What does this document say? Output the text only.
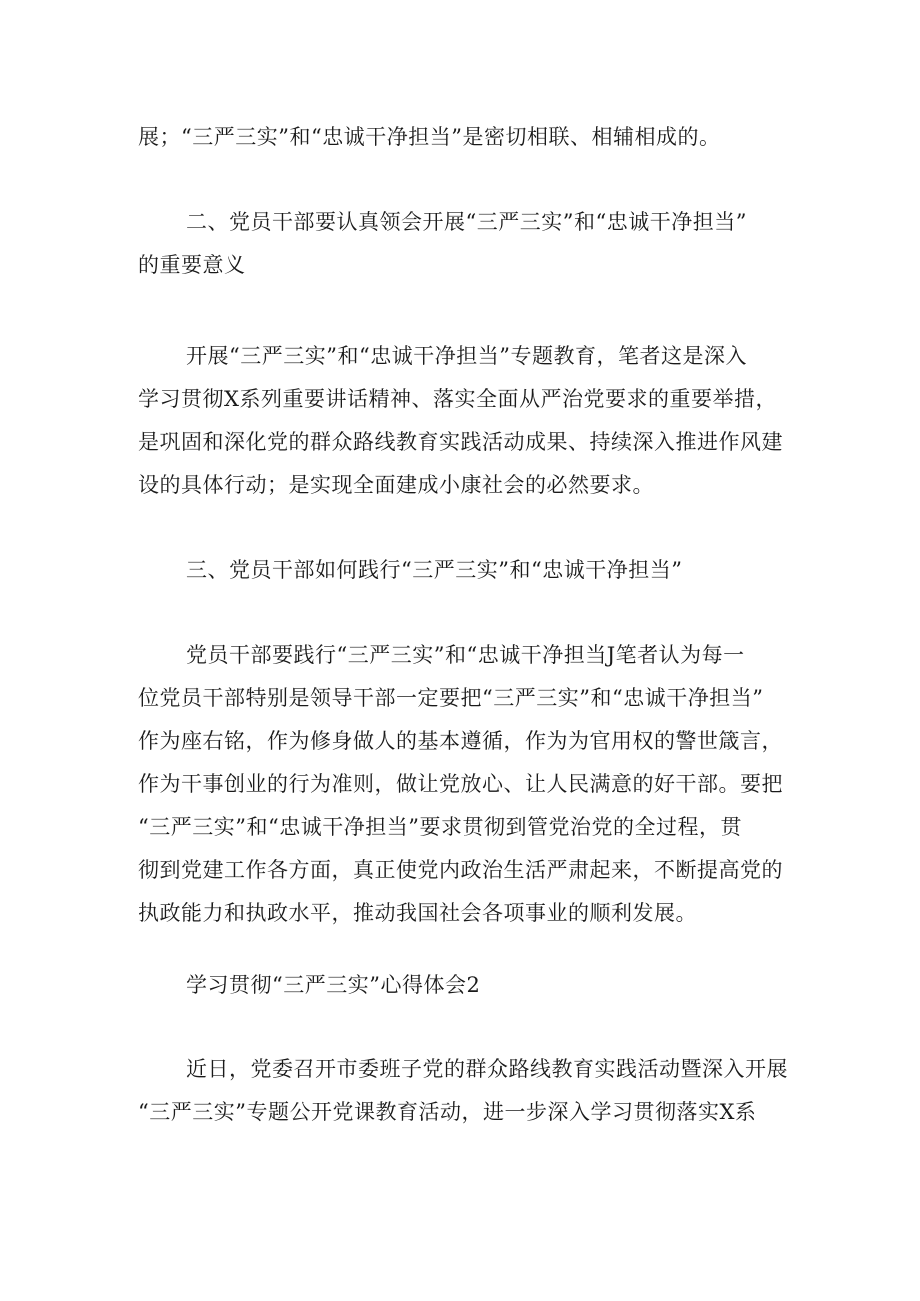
展；“三严三实”和“忠诚干净担当”是密切相联、相辅相成的。
二、党员干部要认真领会开展“三严三实”和“忠诚干净担当”
的重要意义
开展“三严三实”和“忠诚干净担当”专题教育，笔者这是深入
学习贯彻X系列重要讲话精神、落实全面从严治党要求的重要举措，
是巩固和深化党的群众路线教育实践活动成果、持续深入推进作风建
设的具体行动；是实现全面建成小康社会的必然要求。
三、党员干部如何践行“三严三实”和“忠诚干净担当”
党员干部要践行“三严三实”和“忠诚干净担当J笔者认为每一
位党员干部特别是领导干部一定要把“三严三实”和“忠诚干净担当”
作为座右铭，作为修身做人的基本遵循，作为为官用权的警世箴言，
作为干事创业的行为准则，做让党放心、让人民满意的好干部。要把
“三严三实”和“忠诚干净担当”要求贯彻到管党治党的全过程，贯
彻到党建工作各方面，真正使党内政治生活严肃起来，不断提高党的
执政能力和执政水平，推动我国社会各项事业的顺利发展。
学习贯彻“三严三实”心得体会2
近日，党委召开市委班子党的群众路线教育实践活动暨深入开展
“三严三实”专题公开党课教育活动，进一步深入学习贯彻落实X系
